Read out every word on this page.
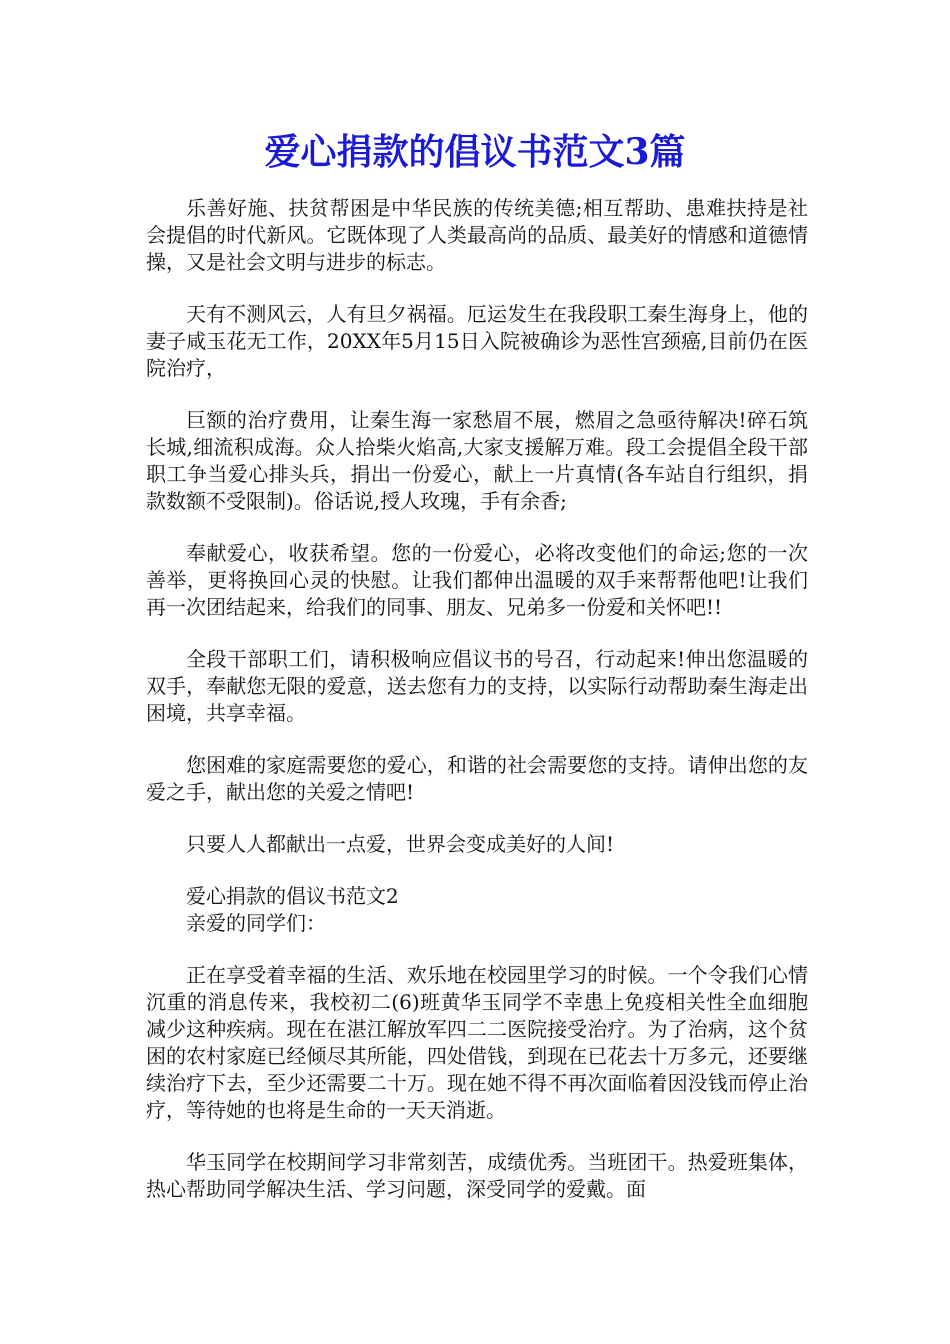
爱心捐款的倡议书范文3篇

乐善好施、扶贫帮困是中华民族的传统美德;相互帮助、患难扶持是社会提倡的时代新风。它既体现了人类最高尚的品质、最美好的情感和道德情操，又是社会文明与进步的标志。

天有不测风云，人有旦夕祸福。厄运发生在我段职工秦生海身上，他的妻子咸玉花无工作，20XX年5月15日入院被确诊为恶性宫颈癌,目前仍在医院治疗，

巨额的治疗费用，让秦生海一家愁眉不展，燃眉之急亟待解决!碎石筑长城,细流积成海。众人拾柴火焰高,大家支援解万难。段工会提倡全段干部职工争当爱心排头兵，捐出一份爱心，献上一片真情(各车站自行组织，捐款数额不受限制)。俗话说,授人玫瑰，手有余香;

奉献爱心，收获希望。您的一份爱心，必将改变他们的命运;您的一次善举，更将换回心灵的快慰。让我们都伸出温暖的双手来帮帮他吧!让我们再一次团结起来，给我们的同事、朋友、兄弟多一份爱和关怀吧!!

全段干部职工们，请积极响应倡议书的号召，行动起来!伸出您温暖的双手，奉献您无限的爱意，送去您有力的支持，以实际行动帮助秦生海走出困境，共享幸福。

您困难的家庭需要您的爱心，和谐的社会需要您的支持。请伸出您的友爱之手，献出您的关爱之情吧!

只要人人都献出一点爱，世界会变成美好的人间!

爱心捐款的倡议书范文2

亲爱的同学们：

正在享受着幸福的生活、欢乐地在校园里学习的时候。一个令我们心情沉重的消息传来，我校初二(6)班黄华玉同学不幸患上免疫相关性全血细胞减少这种疾病。现在在湛江解放军四二二医院接受治疗。为了治病，这个贫困的农村家庭已经倾尽其所能，四处借钱，到现在已花去十万多元，还要继续治疗下去，至少还需要二十万。现在她不得不再次面临着因没钱而停止治疗，等待她的也将是生命的一天天消逝。

华玉同学在校期间学习非常刻苦，成绩优秀。当班团干。热爱班集体，热心帮助同学解决生活、学习问题，深受同学的爱戴。面
